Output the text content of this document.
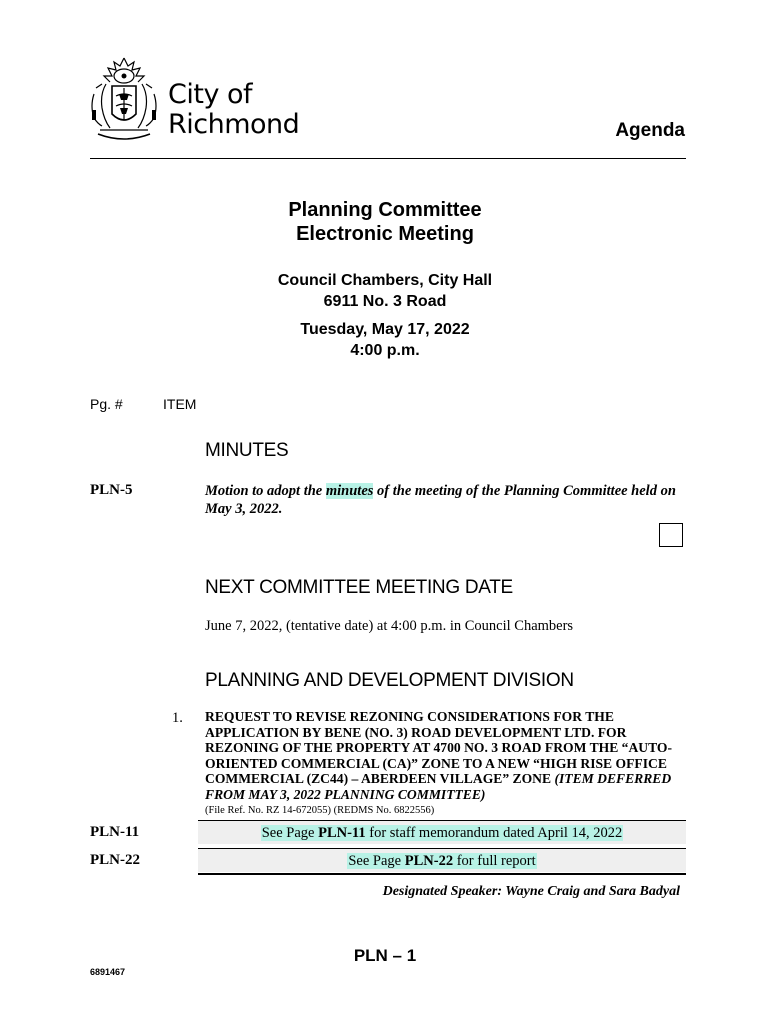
City of
Richmond	Agenda
Planning Committee
Electronic Meeting
Council Chambers, City Hall
6911 No. 3 Road
Tuesday, May 17, 2022
4:00 p.m.
Pg. #	ITEM
MINUTES
PLN-5	Motion to adopt the minutes of the meeting of the Planning Committee held on May 3, 2022.
NEXT COMMITTEE MEETING DATE
June 7, 2022, (tentative date) at 4:00 p.m. in Council Chambers
PLANNING AND DEVELOPMENT DIVISION
1. REQUEST TO REVISE REZONING CONSIDERATIONS FOR THE APPLICATION BY BENE (NO. 3) ROAD DEVELOPMENT LTD. FOR REZONING OF THE PROPERTY AT 4700 NO. 3 ROAD FROM THE “AUTO-ORIENTED COMMERCIAL (CA)” ZONE TO A NEW “HIGH RISE OFFICE COMMERCIAL (ZC44) – ABERDEEN VILLAGE” ZONE (ITEM DEFERRED FROM MAY 3, 2022 PLANNING COMMITTEE)
(File Ref. No. RZ 14-672055) (REDMS No. 6822556)
PLN-11	See Page PLN-11 for staff memorandum dated April 14, 2022
PLN-22	See Page PLN-22 for full report
Designated Speaker: Wayne Craig and Sara Badyal
PLN – 1
6891467
